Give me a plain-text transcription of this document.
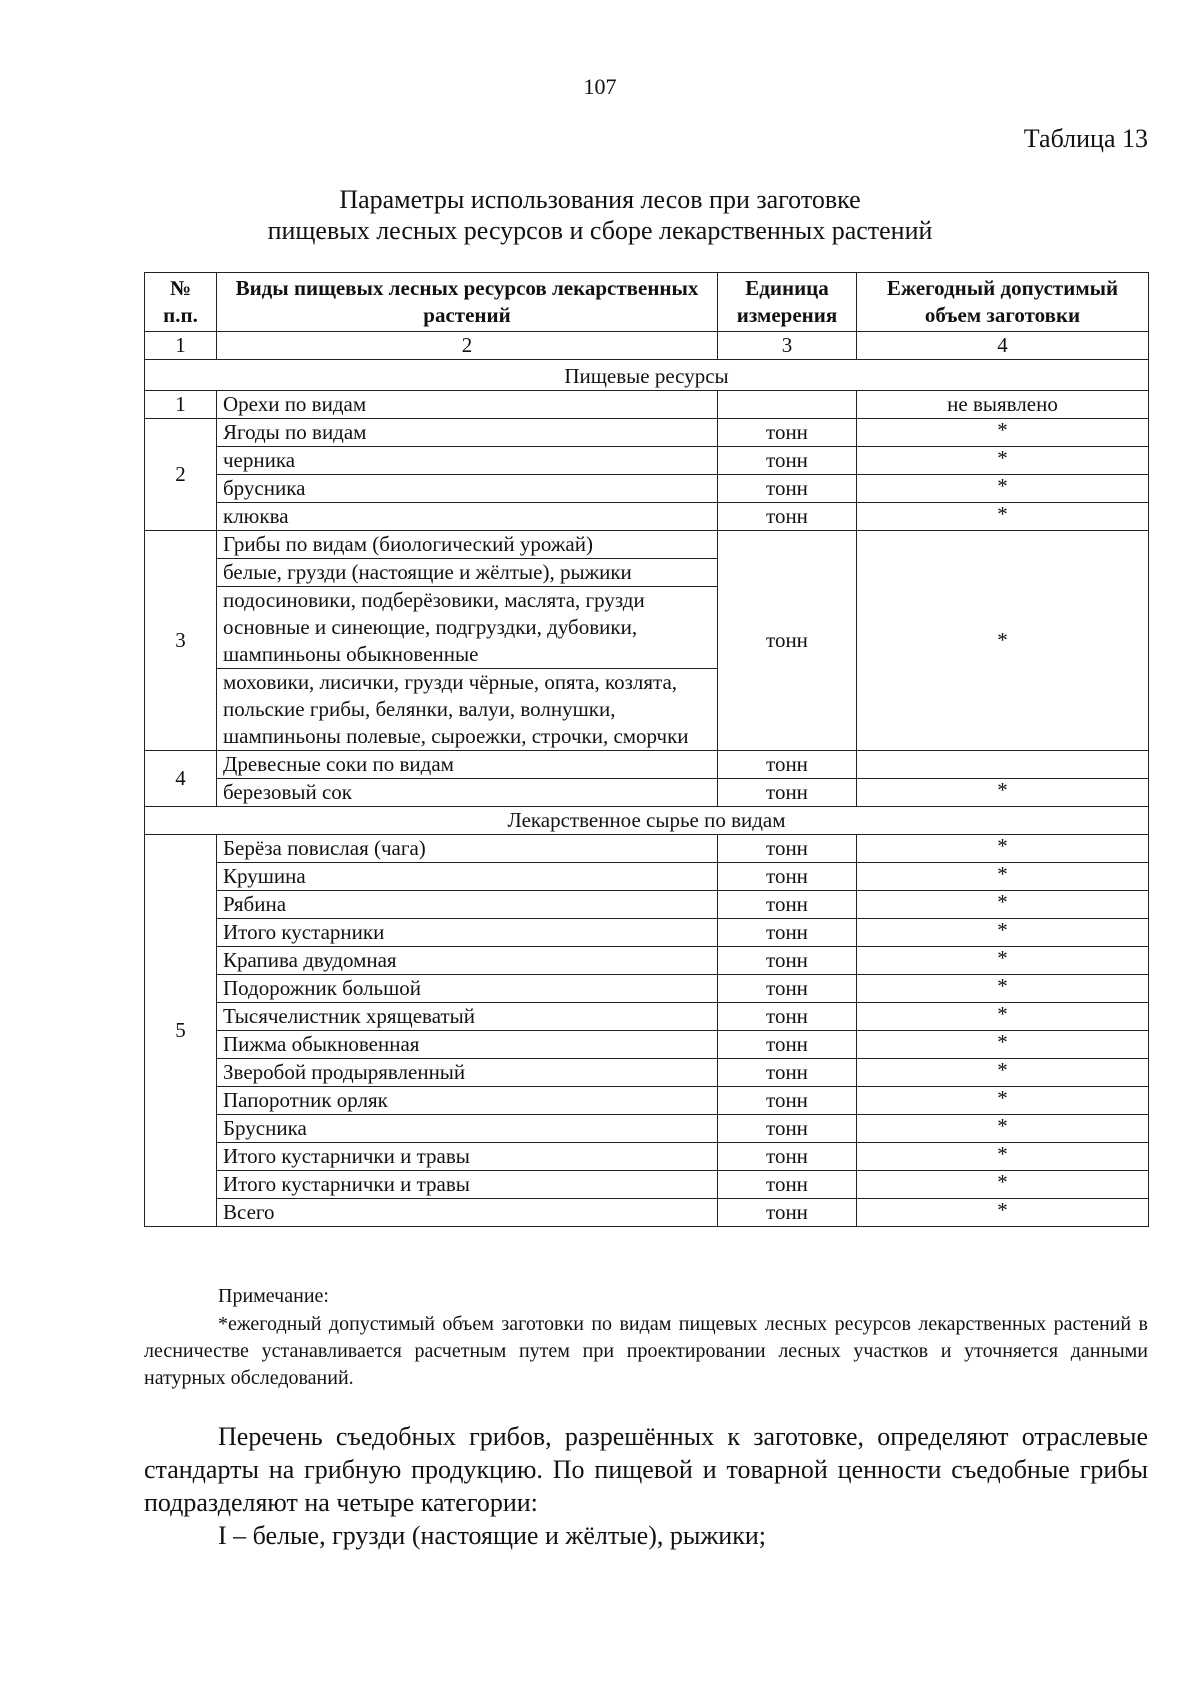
107
Таблица 13
Параметры использования лесов при заготовке
пищевых лесных ресурсов и сборе лекарственных растений
№ п.п.	Виды пищевых лесных ресурсов лекарственных растений	Единица измерения	Ежегодный допустимый объем заготовки
1	2	3	4
Пищевые ресурсы			
1	Орехи по видам		не выявлено
2	Ягоды по видам	тонн	*
	черника	тонн	*
	брусника	тонн	*
	клюква	тонн	*
3	Грибы по видам (биологический урожай)	тонн	*
	белые, грузди (настоящие и жёлтые), рыжики		
	подосиновики, подберёзовики, маслята, грузди основные и синеющие, подгруздки, дубовики, шампиньоны обыкновенные		
	моховики, лисички, грузди чёрные, опята, козлята, польские грибы, белянки, валуи, волнушки, шампиньоны полевые, сыроежки, строчки, сморчки		
4	Древесные соки по видам	тонн	
	березовый сок	тонн	*
Лекарственное сырье по видам			
5	Берёза повислая (чага)	тонн	*
	Крушина	тонн	*
	Рябина	тонн	*
	Итого кустарники	тонн	*
	Крапива двудомная	тонн	*
	Подорожник большой	тонн	*
	Тысячелистник хрящеватый	тонн	*
	Пижма обыкновенная	тонн	*
	Зверобой продырявленный	тонн	*
	Папоротник орляк	тонн	*
	Брусника	тонн	*
	Итого кустарнички и травы	тонн	*
	Итого кустарнички и травы	тонн	*
	Всего	тонн	*
Примечание:

*ежегодный допустимый объем заготовки по видам пищевых лесных ресурсов лекарственных растений в лесничестве устанавливается расчетным путем при проектировании лесных участков и уточняется данными натурных обследований.

Перечень съедобных грибов, разрешённых к заготовке, определяют отраслевые стандарты на грибную продукцию. По пищевой и товарной ценности съедобные грибы подразделяют на четыре категории:

I – белые, грузди (настоящие и жёлтые), рыжики;
